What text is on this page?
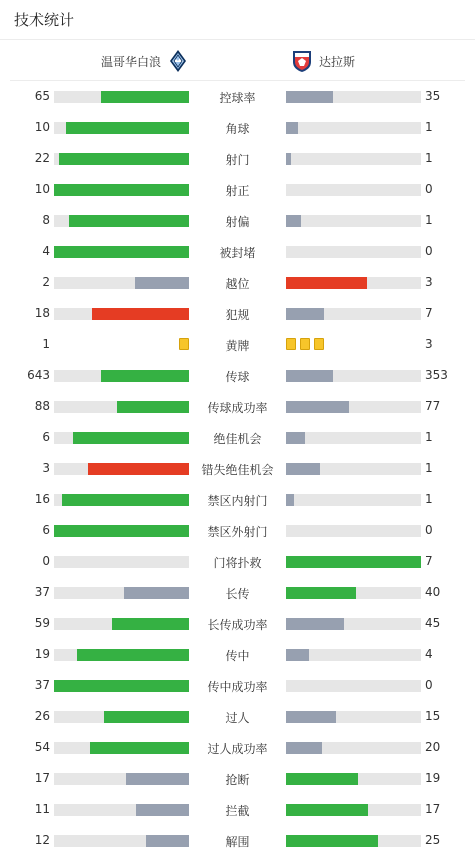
技术统计
温哥华白浪	达拉斯
65	控球率	35
10	角球	1
22	射门	1
10	射正	0
8	射偏	1
4	被封堵	0
2	越位	3
18	犯规	7
1	黄牌	3
643	传球	353
88	传球成功率	77
6	绝佳机会	1
3	错失绝佳机会	1
16	禁区内射门	1
6	禁区外射门	0
0	门将扑救	7
37	长传	40
59	长传成功率	45
19	传中	4
37	传中成功率	0
26	过人	15
54	过人成功率	20
17	抢断	19
11	拦截	17
12	解围	25
